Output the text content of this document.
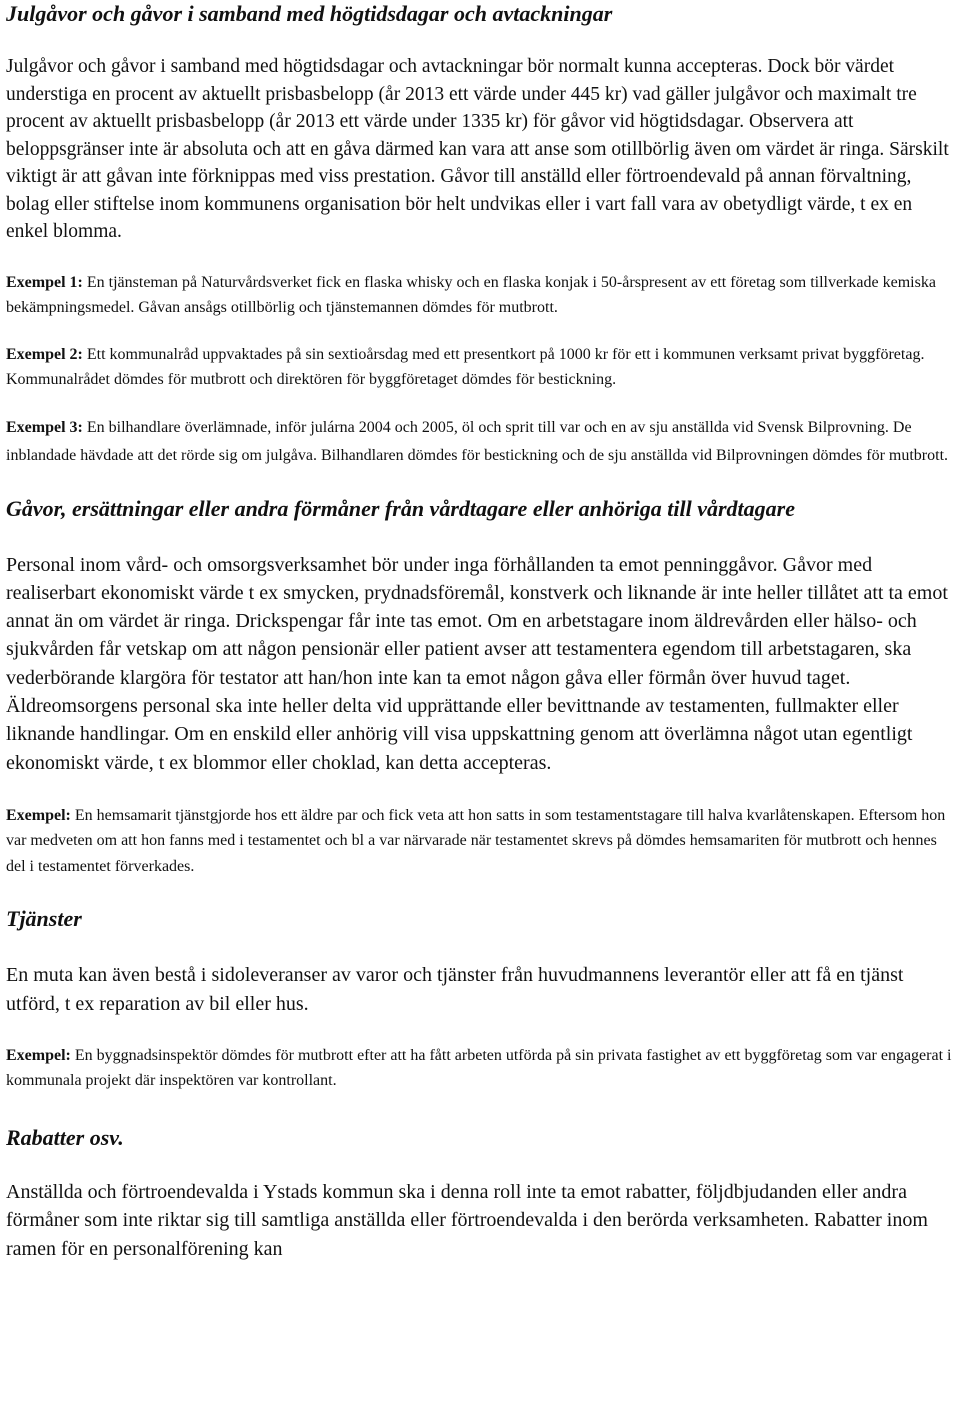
Julgåvor och gåvor i samband med högtidsdagar och avtackningar

Julgåvor och gåvor i samband med högtidsdagar och avtackningar bör normalt kunna accepteras. Dock bör värdet understiga en procent av aktuellt prisbasbelopp (år 2013 ett värde under 445 kr) vad gäller julgåvor och maximalt tre procent av aktuellt prisbasbelopp (år 2013 ett värde under 1335 kr) för gåvor vid högtidsdagar. Observera att beloppsgränser inte är absoluta och att en gåva därmed kan vara att anse som otillbörlig även om värdet är ringa. Särskilt viktigt är att gåvan inte förknippas med viss prestation. Gåvor till anställd eller förtroendevald på annan förvaltning, bolag eller stiftelse inom kommunens organisation bör helt undvikas eller i vart fall vara av obetydligt värde, t ex en enkel blomma.

Exempel 1: En tjänsteman på Naturvårdsverket fick en flaska whisky och en flaska konjak i 50-årspresent av ett företag som tillverkade kemiska bekämpningsmedel. Gåvan ansågs otillbörlig och tjänstemannen dömdes för mutbrott.

Exempel 2: Ett kommunalråd uppvaktades på sin sextioårsdag med ett presentkort på 1000 kr för ett i kommunen verksamt privat byggföretag. Kommunalrådet dömdes för mutbrott och direktören för byggföretaget dömdes för bestickning.

Exempel 3: En bilhandlare överlämnade, inför julárna 2004 och 2005, öl och sprit till var och en av sju anställda vid Svensk Bilprovning. De inblandade hävdade att det rörde sig om julgåva. Bilhandlaren dömdes för bestickning och de sju anställda vid Bilprovningen dömdes för mutbrott.

Gåvor, ersättningar eller andra förmåner från vårdtagare eller anhöriga till vårdtagare

Personal inom vård- och omsorgsverksamhet bör under inga förhållanden ta emot penninggåvor. Gåvor med realiserbart ekonomiskt värde t ex smycken, prydnadsföremål, konstverk och liknande är inte heller tillåtet att ta emot annat än om värdet är ringa. Drickspengar får inte tas emot. Om en arbetstagare inom äldrevården eller hälso- och sjukvården får vetskap om att någon pensionär eller patient avser att testamentera egendom till arbetstagaren, ska vederbörande klargöra för testator att han/hon inte kan ta emot någon gåva eller förmån över huvud taget. Äldreomsorgens personal ska inte heller delta vid upprättande eller bevittnande av testamenten, fullmakter eller liknande handlingar. Om en enskild eller anhörig vill visa uppskattning genom att överlämna något utan egentligt ekonomiskt värde, t ex blommor eller choklad, kan detta accepteras.

Exempel: En hemsamarit tjänstgjorde hos ett äldre par och fick veta att hon satts in som testamentstagare till halva kvarlåtenskapen. Eftersom hon var medveten om att hon fanns med i testamentet och bl a var närvarade när testamentet skrevs på dömdes hemsamariten för mutbrott och hennes del i testamentet förverkades.

Tjänster

En muta kan även bestå i sidoleveranser av varor och tjänster från huvudmannens leverantör eller att få en tjänst utförd, t ex reparation av bil eller hus.

Exempel: En byggnadsinspektör dömdes för mutbrott efter att ha fått arbeten utförda på sin privata fastighet av ett byggföretag som var engagerat i kommunala projekt där inspektören var kontrollant.

Rabatter osv.

Anställda och förtroendevalda i Ystads kommun ska i denna roll inte ta emot rabatter, följdbjudanden eller andra förmåner som inte riktar sig till samtliga anställda eller förtroendevalda i den berörda verksamheten. Rabatter inom ramen för en personalförening kan
